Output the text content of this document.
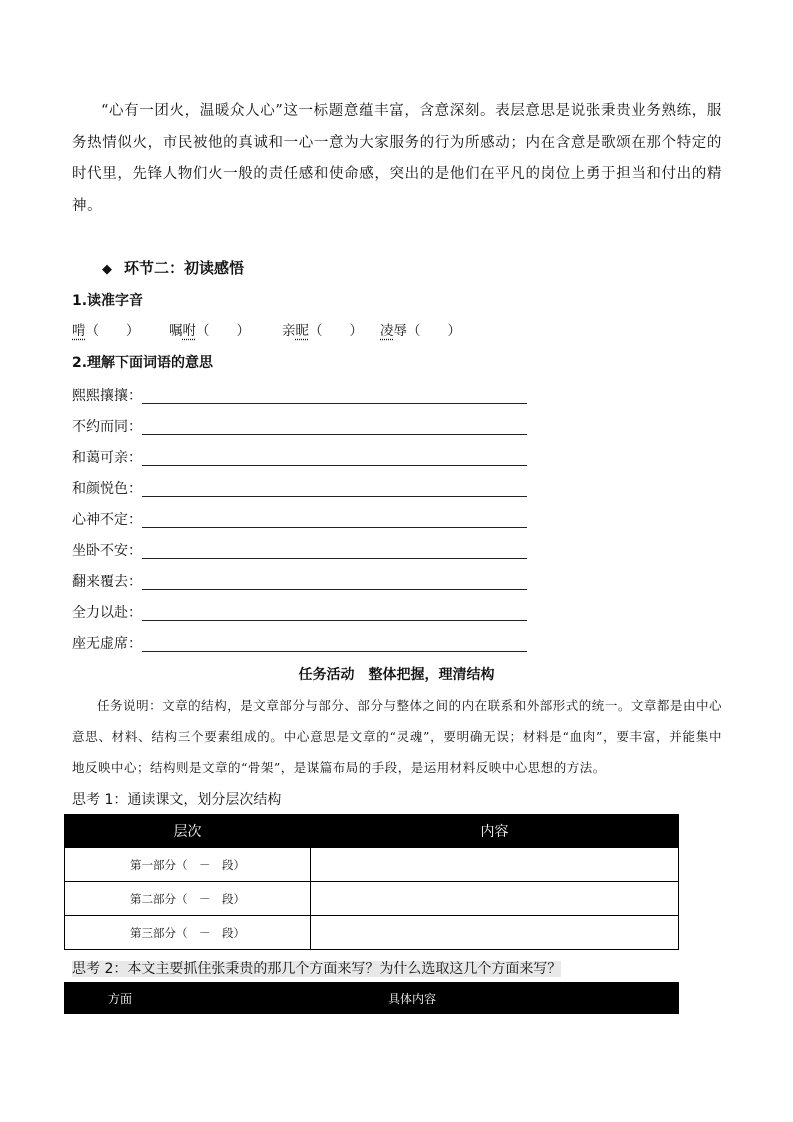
“心有一团火，温暖众人心”这一标题意蕴丰富，含意深刻。表层意思是说张秉贵业务熟练，服务热情似火，市民被他的真诚和一心一意为大家服务的行为所感动；内在含意是歌颂在那个特定的时代里，先锋人物们火一般的责任感和使命感，突出的是他们在平凡的岗位上勇于担当和付出的精神。

◆ 环节二：初读感悟
1.读准字音
啃（　　） 嘱咐（　　） 亲昵（　　） 凌辱（　　）
2.理解下面词语的意思
熙熙攘攘：
不约而同：
和蔼可亲：
和颜悦色：
心神不定：
坐卧不安：
翻来覆去：
全力以赴：
座无虚席：
任务活动　整体把握，理清结构

任务说明：文章的结构，是文章部分与部分、部分与整体之间的内在联系和外部形式的统一。文章都是由中心意思、材料、结构三个要素组成的。中心意思是文章的“灵魂”，要明确无误；材料是“血肉”，要丰富，并能集中地反映中心；结构则是文章的“骨架”，是谋篇布局的手段，是运用材料反映中心思想的方法。

思考 1：通读课文，划分层次结构
层次	内容
第一部分（　－　段）	
第二部分（　－　段）	
第三部分（　－　段）	
思考 2：本文主要抓住张秉贵的那几个方面来写？为什么选取这几个方面来写？
方面	具体内容
